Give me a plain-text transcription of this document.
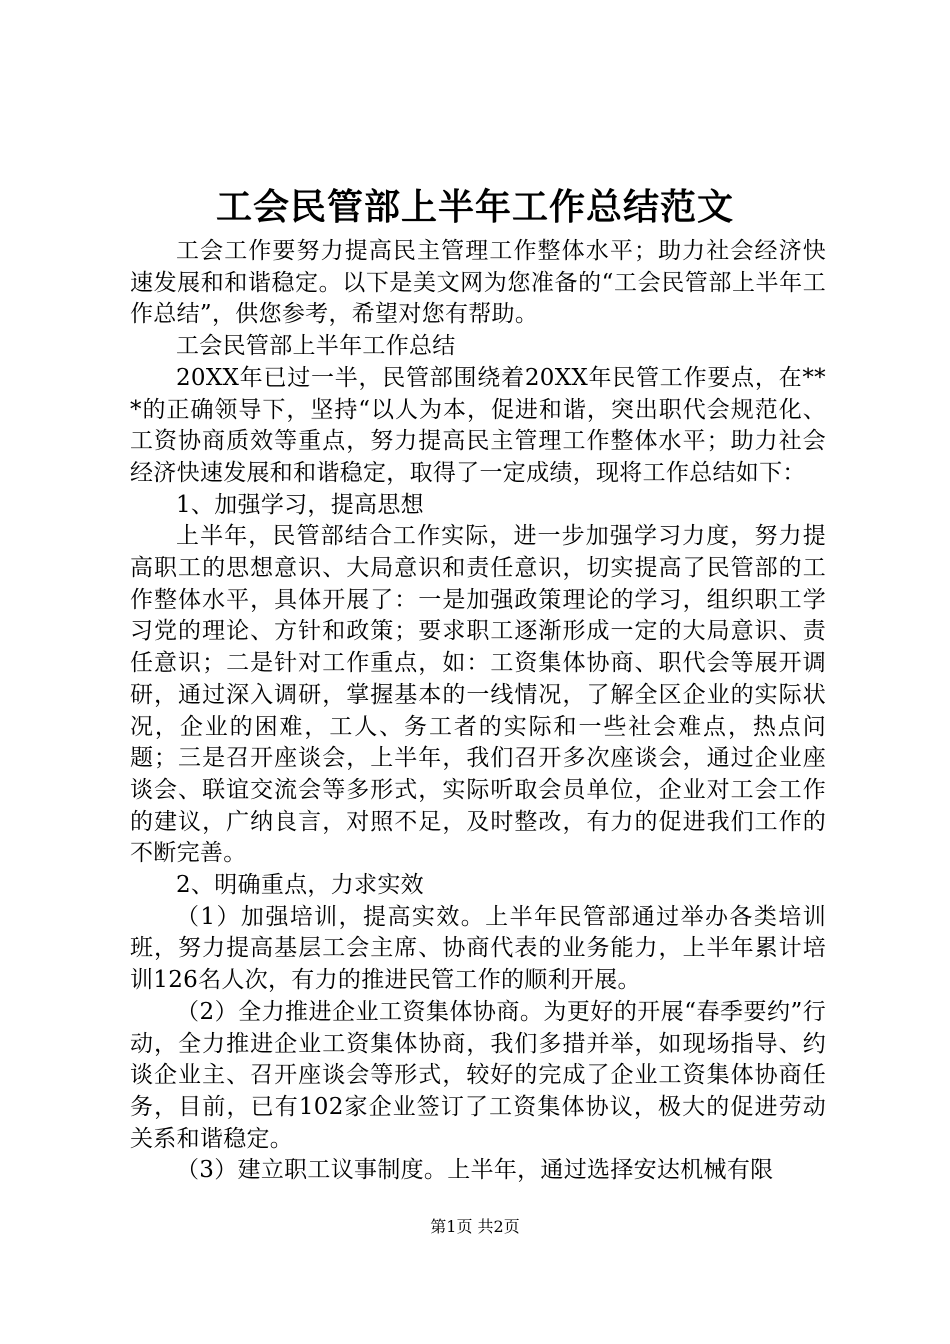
工会民管部上半年工作总结范文

工会工作要努力提高民主管理工作整体水平；助力社会经济快速发展和和谐稳定。以下是美文网为您准备的“工会民管部上半年工作总结”，供您参考，希望对您有帮助。

工会民管部上半年工作总结

20XX年已过一半，民管部围绕着20XX年民管工作要点，在***的正确领导下，坚持“以人为本，促进和谐，突出职代会规范化、工资协商质效等重点，努力提高民主管理工作整体水平；助力社会经济快速发展和和谐稳定，取得了一定成绩，现将工作总结如下：

1、加强学习，提高思想

上半年，民管部结合工作实际，进一步加强学习力度，努力提高职工的思想意识、大局意识和责任意识，切实提高了民管部的工作整体水平，具体开展了：一是加强政策理论的学习，组织职工学习党的理论、方针和政策；要求职工逐渐形成一定的大局意识、责任意识；二是针对工作重点，如：工资集体协商、职代会等展开调研，通过深入调研，掌握基本的一线情况，了解全区企业的实际状况，企业的困难，工人、务工者的实际和一些社会难点，热点问题；三是召开座谈会，上半年，我们召开多次座谈会，通过企业座谈会、联谊交流会等多形式，实际听取会员单位，企业对工会工作的建议，广纳良言，对照不足，及时整改，有力的促进我们工作的不断完善。

2、明确重点，力求实效

（1）加强培训，提高实效。上半年民管部通过举办各类培训班，努力提高基层工会主席、协商代表的业务能力，上半年累计培训126名人次，有力的推进民管工作的顺利开展。

（2）全力推进企业工资集体协商。为更好的开展“春季要约”行动，全力推进企业工资集体协商，我们多措并举，如现场指导、约谈企业主、召开座谈会等形式，较好的完成了企业工资集体协商任务，目前，已有102家企业签订了工资集体协议，极大的促进劳动关系和谐稳定。

（3）建立职工议事制度。上半年，通过选择安达机械有限

第1页 共2页
